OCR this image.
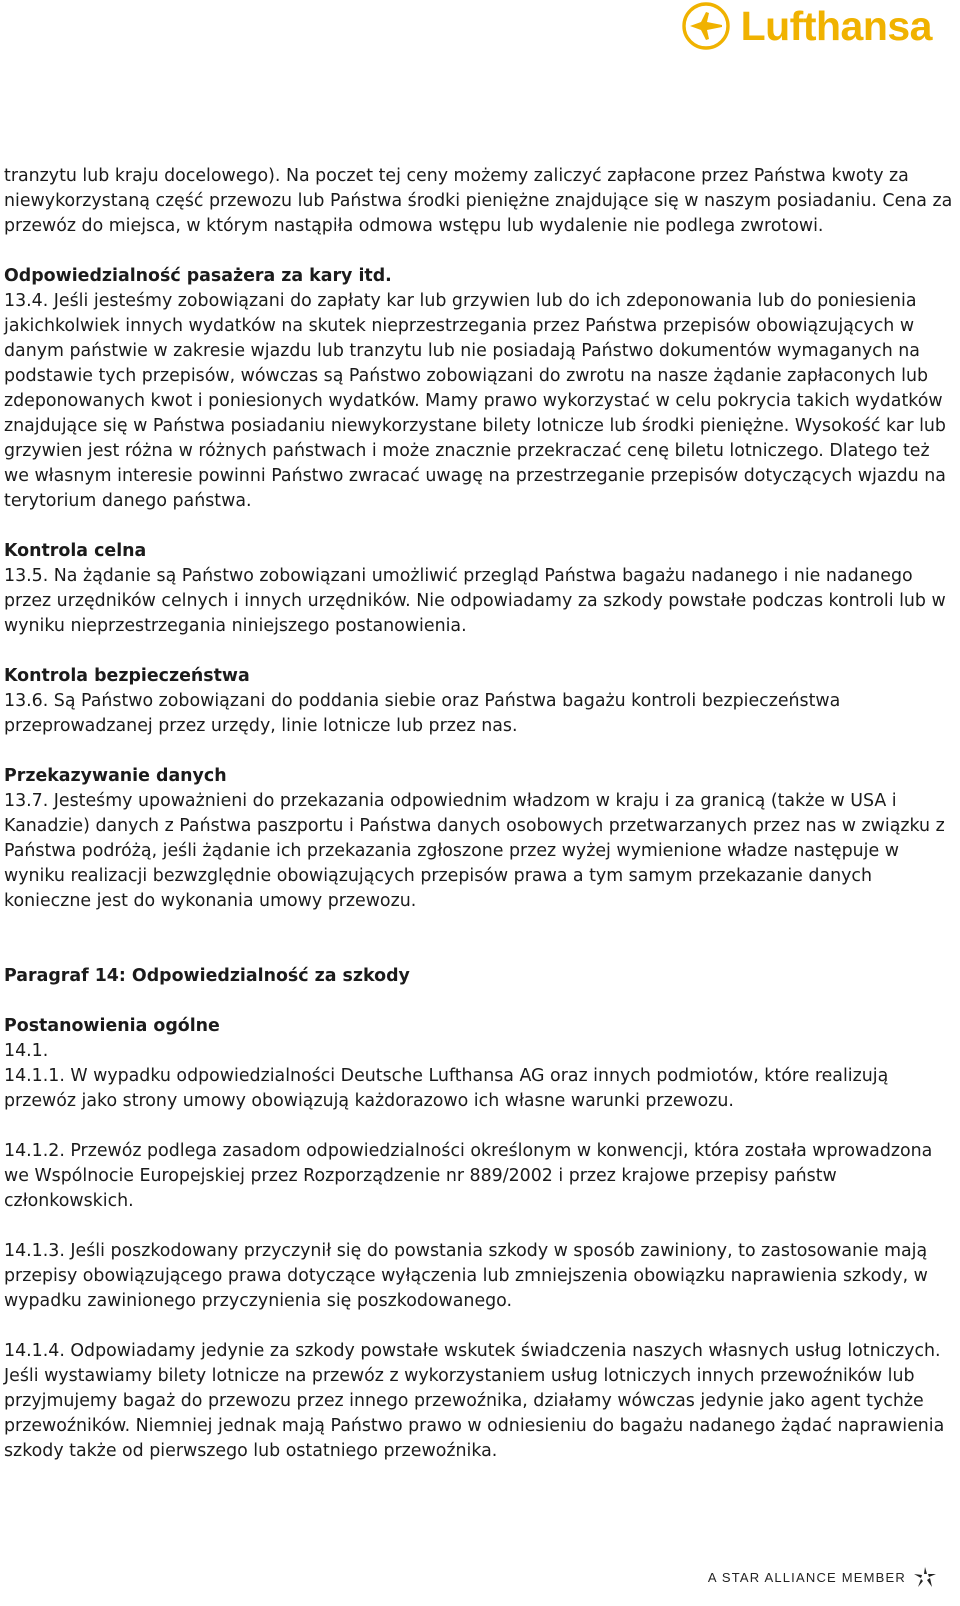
Lufthansa

tranzytu lub kraju docelowego). Na poczet tej ceny możemy zaliczyć zapłacone przez Państwa kwoty za niewykorzystaną część przewozu lub Państwa środki pieniężne znajdujące się w naszym posiadaniu. Cena za przewóz do miejsca, w którym nastąpiła odmowa wstępu lub wydalenie nie podlega zwrotowi.

Odpowiedzialność pasażera za kary itd.

13.4. Jeśli jesteśmy zobowiązani do zapłaty kar lub grzywien lub do ich zdeponowania lub do poniesienia jakichkolwiek innych wydatków na skutek nieprzestrzegania przez Państwa przepisów obowiązujących w danym państwie w zakresie wjazdu lub tranzytu lub nie posiadają Państwo dokumentów wymaganych na podstawie tych przepisów, wówczas są Państwo zobowiązani do zwrotu na nasze żądanie zapłaconych lub zdeponowanych kwot i poniesionych wydatków. Mamy prawo wykorzystać w celu pokrycia takich wydatków znajdujące się w Państwa posiadaniu niewykorzystane bilety lotnicze lub środki pieniężne. Wysokość kar lub grzywien jest różna w różnych państwach i może znacznie przekraczać cenę biletu lotniczego. Dlatego też we własnym interesie powinni Państwo zwracać uwagę na przestrzeganie przepisów dotyczących wjazdu na terytorium danego państwa.

Kontrola celna

13.5. Na żądanie są Państwo zobowiązani umożliwić przegląd Państwa bagażu nadanego i nie nadanego przez urzędników celnych i innych urzędników. Nie odpowiadamy za szkody powstałe podczas kontroli lub w wyniku nieprzestrzegania niniejszego postanowienia.

Kontrola bezpieczeństwa

13.6. Są Państwo zobowiązani do poddania siebie oraz Państwa bagażu kontroli bezpieczeństwa przeprowadzanej przez urzędy, linie lotnicze lub przez nas.

Przekazywanie danych

13.7. Jesteśmy upoważnieni do przekazania odpowiednim władzom w kraju i za granicą (także w USA i Kanadzie) danych z Państwa paszportu i Państwa danych osobowych przetwarzanych przez nas w związku z Państwa podróżą, jeśli żądanie ich przekazania zgłoszone przez wyżej wymienione władze następuje w wyniku realizacji bezwzględnie obowiązujących przepisów prawa a tym samym przekazanie danych konieczne jest do wykonania umowy przewozu.

Paragraf 14: Odpowiedzialność za szkody

Postanowienia ogólne

14.1.

14.1.1. W wypadku odpowiedzialności Deutsche Lufthansa AG oraz innych podmiotów, które realizują przewóz jako strony umowy obowiązują każdorazowo ich własne warunki przewozu.

14.1.2. Przewóz podlega zasadom odpowiedzialności określonym w konwencji, która została wprowadzona we Wspólnocie Europejskiej przez Rozporządzenie nr 889/2002 i przez krajowe przepisy państw członkowskich.

14.1.3. Jeśli poszkodowany przyczynił się do powstania szkody w sposób zawiniony, to zastosowanie mają przepisy obowiązującego prawa dotyczące wyłączenia lub zmniejszenia obowiązku naprawienia szkody, w wypadku zawinionego przyczynienia się poszkodowanego.

14.1.4. Odpowiadamy jedynie za szkody powstałe wskutek świadczenia naszych własnych usług lotniczych. Jeśli wystawiamy bilety lotnicze na przewóz z wykorzystaniem usług lotniczych innych przewoźników lub przyjmujemy bagaż do przewozu przez innego przewoźnika, działamy wówczas jedynie jako agent tychże przewoźników. Niemniej jednak mają Państwo prawo w odniesieniu do bagażu nadanego żądać naprawienia szkody także od pierwszego lub ostatniego przewoźnika.

A STAR ALLIANCE MEMBER
